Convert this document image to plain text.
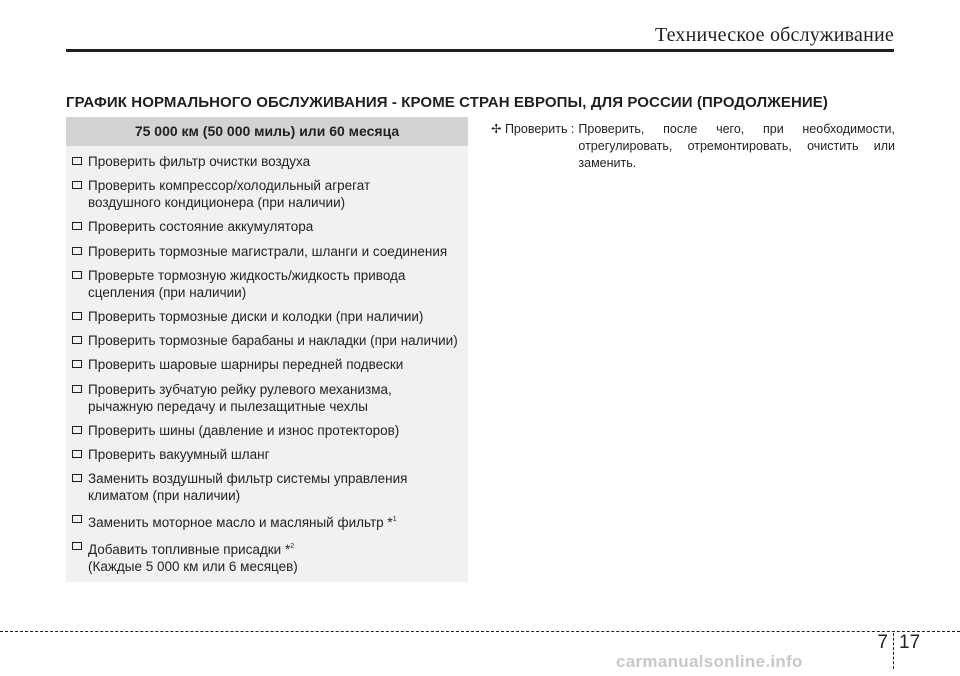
Техническое обслуживание
ГРАФИК НОРМАЛЬНОГО ОБСЛУЖИВАНИЯ - КРОМЕ СТРАН ЕВРОПЫ, ДЛЯ РОССИИ (ПРОДОЛЖЕНИЕ)
75 000 км (50 000 миль) или 60 месяца
Проверить фильтр очистки воздуха
Проверить компрессор/холодильный агрегат
воздушного кондиционера (при наличии)
Проверить состояние аккумулятора
Проверить тормозные магистрали, шланги и соединения
Проверьте тормозную жидкость/жидкость привода
сцепления (при наличии)
Проверить тормозные диски и колодки (при наличии)
Проверить тормозные барабаны и накладки (при наличии)
Проверить шаровые шарниры передней подвески
Проверить зубчатую рейку рулевого механизма,
рычажную передачу и пылезащитные чехлы
Проверить шины (давление и износ протекторов)
Проверить вакуумный шланг
Заменить воздушный фильтр системы управления
климатом (при наличии)
Заменить моторное масло и масляный фильтр *$^1$
Добавить топливные присадки *$^2$
(Каждые 5 000 км или 6 месяцев)
✢ Проверить : Проверить, после чего, при необходимости, отрегулировать, отремонтировать, очистить или заменить.
7 17
carmanualsonline.info
